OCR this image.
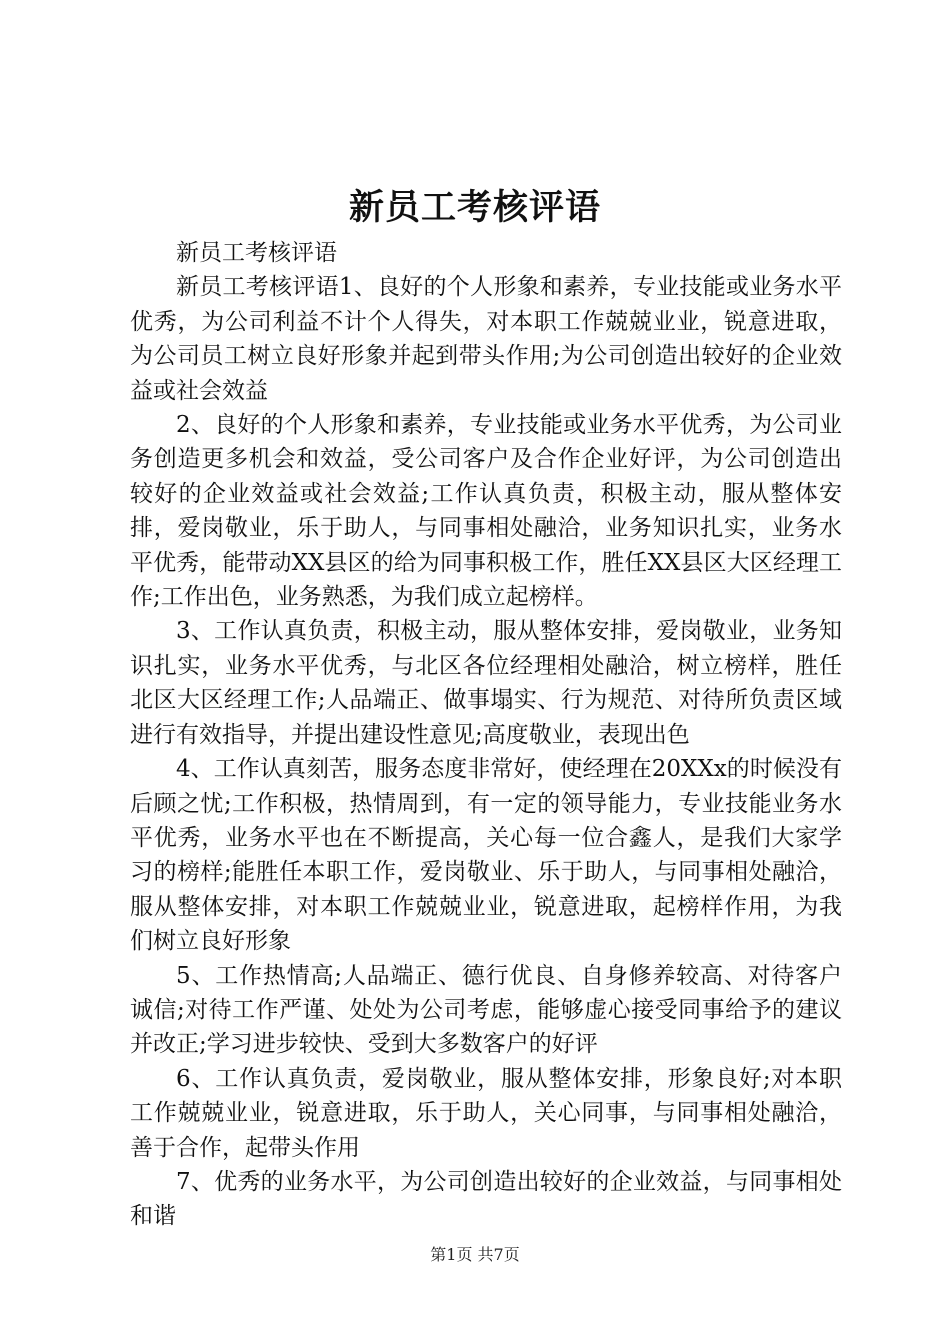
新员工考核评语

新员工考核评语

新员工考核评语1、良好的个人形象和素养，专业技能或业务水平优秀，为公司利益不计个人得失，对本职工作兢兢业业，锐意进取，为公司员工树立良好形象并起到带头作用;为公司创造出较好的企业效益或社会效益

2、良好的个人形象和素养，专业技能或业务水平优秀，为公司业务创造更多机会和效益，受公司客户及合作企业好评，为公司创造出较好的企业效益或社会效益;工作认真负责，积极主动，服从整体安排，爱岗敬业，乐于助人，与同事相处融洽，业务知识扎实，业务水平优秀，能带动XX县区的给为同事积极工作，胜任XX县区大区经理工作;工作出色，业务熟悉，为我们成立起榜样。

3、工作认真负责，积极主动，服从整体安排，爱岗敬业，业务知识扎实，业务水平优秀，与北区各位经理相处融洽，树立榜样，胜任北区大区经理工作;人品端正、做事塌实、行为规范、对待所负责区域进行有效指导，并提出建设性意见;高度敬业，表现出色

4、工作认真刻苦，服务态度非常好，使经理在20XXx的时候没有后顾之忧;工作积极，热情周到，有一定的领导能力，专业技能业务水平优秀，业务水平也在不断提高，关心每一位合鑫人，是我们大家学习的榜样;能胜任本职工作，爱岗敬业、乐于助人，与同事相处融洽，服从整体安排，对本职工作兢兢业业，锐意进取，起榜样作用，为我们树立良好形象

5、工作热情高;人品端正、德行优良、自身修养较高、对待客户诚信;对待工作严谨、处处为公司考虑，能够虚心接受同事给予的建议并改正;学习进步较快、受到大多数客户的好评

6、工作认真负责，爱岗敬业，服从整体安排，形象良好;对本职工作兢兢业业，锐意进取，乐于助人，关心同事，与同事相处融洽，善于合作，起带头作用

7、优秀的业务水平，为公司创造出较好的企业效益，与同事相处和谐

第1页 共7页
